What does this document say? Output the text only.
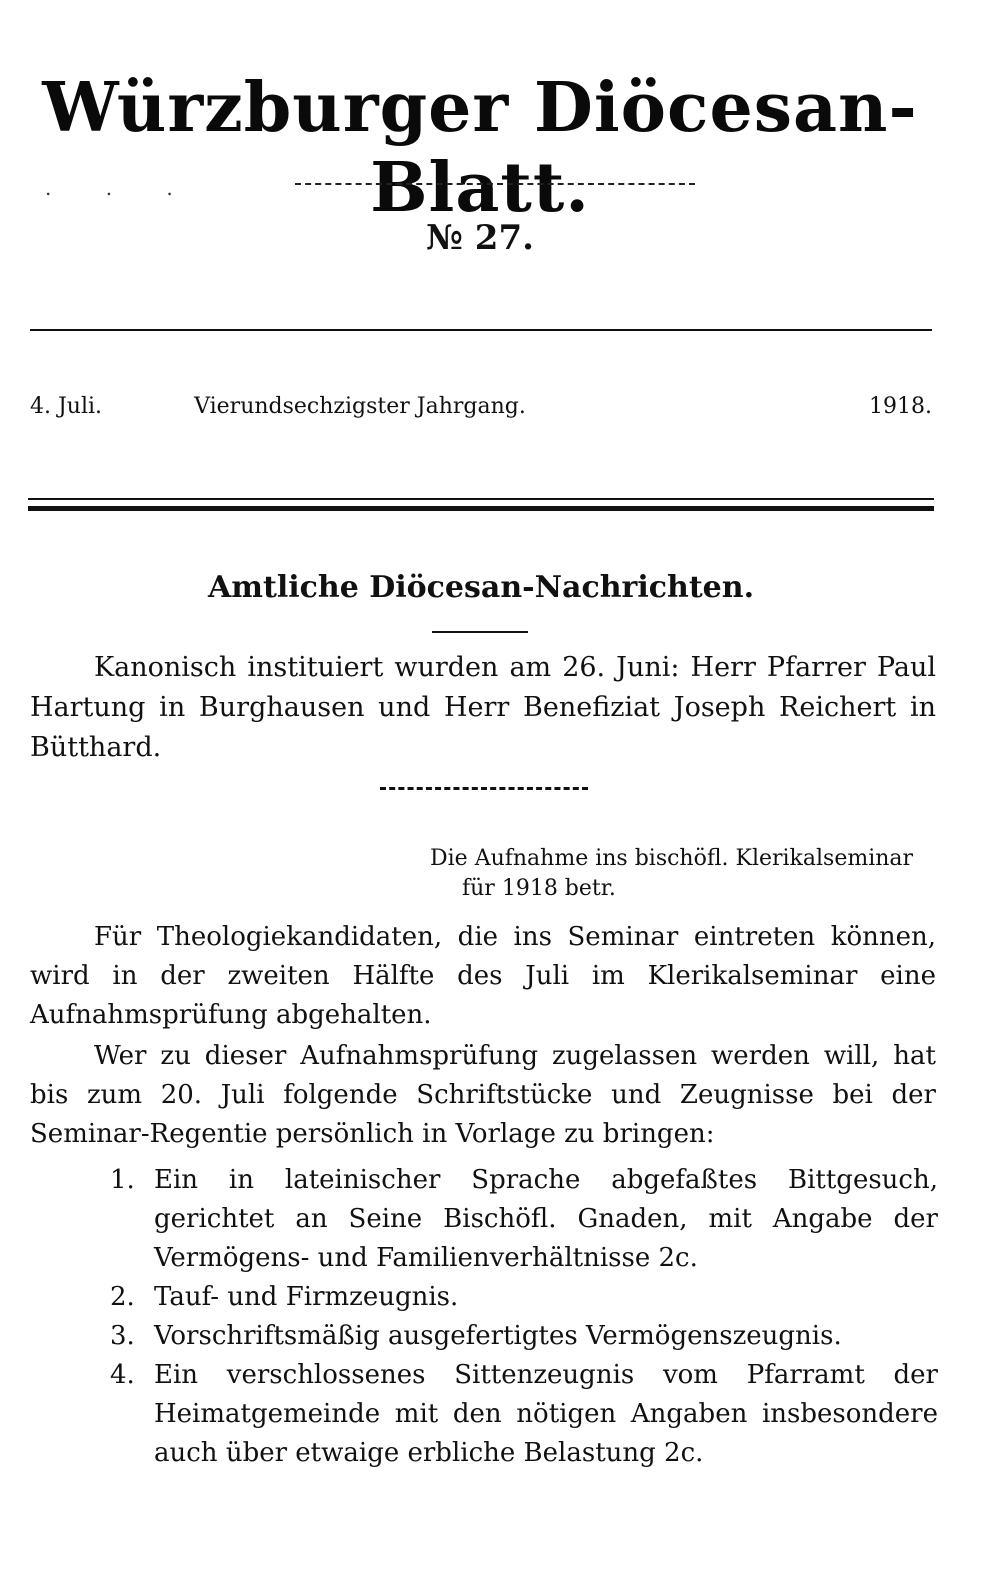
Würzburger Diöcesan-Blatt.
. . .
№ 27.
4. Juli.	Vierundsechzigster Jahrgang.	1918.
Amtliche Diöcesan-Nachrichten.

Kanonisch instituiert wurden am 26. Juni: Herr Pfarrer Paul Hartung in Burghausen und Herr Benefiziat Joseph Reichert in Bütthard.

Die Aufnahme ins bischöfl. Klerikalseminar
für 1918 betr.

Für Theologiekandidaten, die ins Seminar eintreten können, wird in der zweiten Hälfte des Juli im Klerikalseminar eine Aufnahmsprüfung abgehalten.

Wer zu dieser Aufnahmsprüfung zugelassen werden will, hat bis zum 20. Juli folgende Schriftstücke und Zeugnisse bei der Seminar-Regentie persönlich in Vorlage zu bringen:

1. Ein in lateinischer Sprache abgefaßtes Bittgesuch, gerichtet an Seine Bischöfl. Gnaden, mit Angabe der Vermögens- und Familienverhältnisse 2c.
2. Tauf- und Firmzeugnis.
3. Vorschriftsmäßig ausgefertigtes Vermögenszeugnis.
4. Ein verschlossenes Sittenzeugnis vom Pfarramt der Heimatgemeinde mit den nötigen Angaben insbesondere auch über etwaige erbliche Belastung 2c.
